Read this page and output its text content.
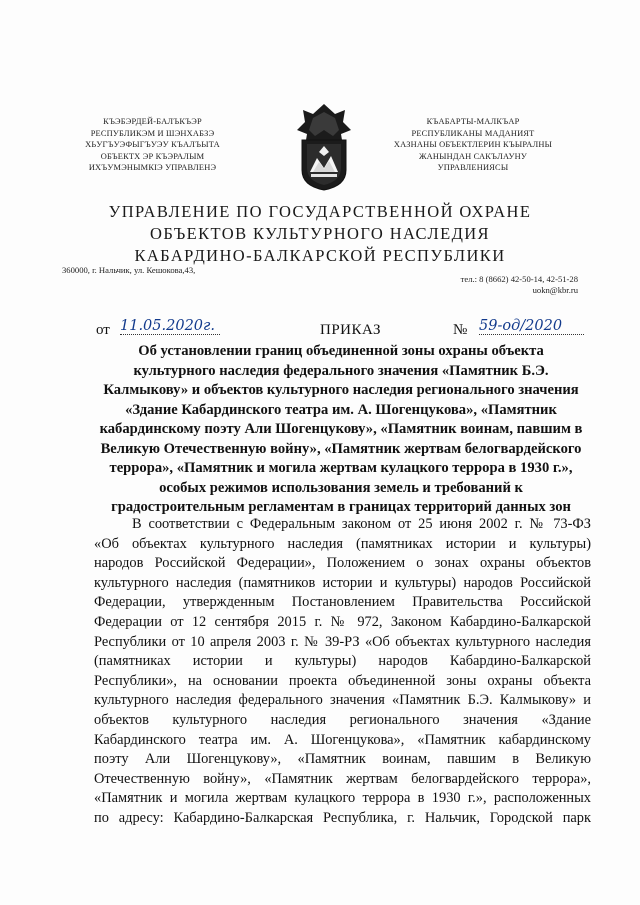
КЪЭБЭРДЕЙ-БАЛЪКЪЭР
РЕСПУБЛИКЭМ И ШЭНХАБЗЭ
ХЬУГЪУЭФЫГЪУЭУ КЪАЛЪЫТА
ОБЪЕКТХ ЭР КЪЭРАЛЫМ
ИХЪУМЭНЫМКIЭ УПРАВЛЕНЭ
КЪАБАРТЫ-МАЛКЪАР
РЕСПУБЛИКАНЫ МАДАНИЯТ
ХАЗНАНЫ ОБЪЕКТЛЕРИН КЪЫРАЛНЫ
ЖАНЫНДАН САКЪЛАУНУ
УПРАВЛЕНИЯСЫ
УПРАВЛЕНИЕ ПО ГОСУДАРСТВЕННОЙ ОХРАНЕ
ОБЪЕКТОВ КУЛЬТУРНОГО НАСЛЕДИЯ
КАБАРДИНО-БАЛКАРСКОЙ РЕСПУБЛИКИ
360000, г. Нальчик, ул. Кешокова,43,
тел.: 8 (8662) 42-50-14, 42-51-28
uokn@kbr.ru
от 11.05.2020г.	ПРИКАЗ	№ 59-од/2020
Об установлении границ объединенной зоны охраны объекта
культурного наследия федерального значения «Памятник Б.Э.
Калмыкову» и объектов культурного наследия регионального значения
«Здание Кабардинского театра им. А. Шогенцукова», «Памятник
кабардинскому поэту Али Шогенцукову», «Памятник воинам, павшим в
Великую Отечественную войну», «Памятник жертвам белогвардейского
террора», «Памятник и могила жертвам кулацкого террора в 1930 г.»,
особых режимов использования земель и требований к
градостроительным регламентам в границах территорий данных зон
В соответствии с Федеральным законом от 25 июня 2002 г. № 73-ФЗ
«Об объектах культурного наследия (памятниках истории и культуры)
народов Российской Федерации», Положением о зонах охраны объектов
культурного наследия (памятников истории и культуры) народов Российской
Федерации, утвержденным Постановлением Правительства Российской
Федерации от 12 сентября 2015 г. № 972, Законом Кабардино-Балкарской
Республики от 10 апреля 2003 г. № 39-РЗ «Об объектах культурного наследия
(памятниках истории и культуры) народов Кабардино-Балкарской
Республики», на основании проекта объединенной зоны охраны объекта
культурного наследия федерального значения «Памятник Б.Э. Калмыкову» и
объектов культурного наследия регионального значения «Здание
Кабардинского театра им. А. Шогенцукова», «Памятник кабардинскому
поэту Али Шогенцукову», «Памятник воинам, павшим в Великую
Отечественную войну», «Памятник жертвам белогвардейского террора»,
«Памятник и могила жертвам кулацкого террора в 1930 г.», расположенных
по адресу: Кабардино-Балкарская Республика, г. Нальчик, Городской парк
